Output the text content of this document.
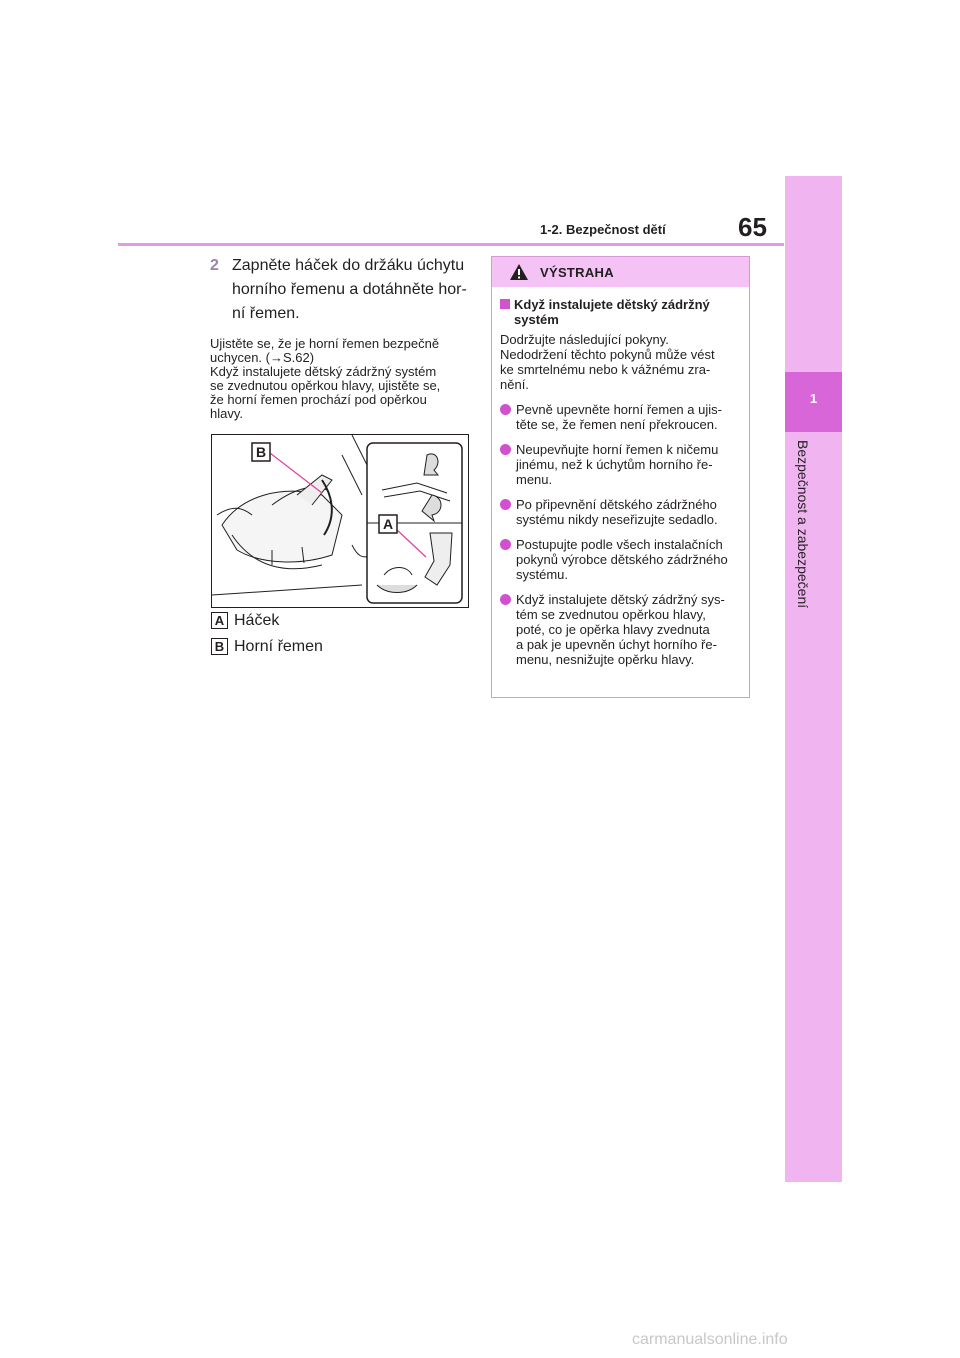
1
Bezpečnost a zabezpečení
1-2. Bezpečnost dětí	65
2 Zapněte háček do držáku úchytu
horního řemenu a dotáhněte hor-
ní řemen.
Ujistěte se, že je horní řemen bezpečně
uchycen. (→S.62)
Když instalujete dětský zádržný systém
se zvednutou opěrkou hlavy, ujistěte se,
že horní řemen prochází pod opěrkou
hlavy.
B
A
A Háček
B Horní řemen
VÝSTRAHA
Když instalujete dětský zádržný
systém
Dodržujte následující pokyny.
Nedodržení těchto pokynů může vést
ke smrtelnému nebo k vážnému zra-
nění.
Pevně upevněte horní řemen a ujis-
těte se, že řemen není překroucen.
Neupevňujte horní řemen k ničemu
jinému, než k úchytům horního ře-
menu.
Po připevnění dětského zádržného
systému nikdy neseřizujte sedadlo.
Postupujte podle všech instalačních
pokynů výrobce dětského zádržného
systému.
Když instalujete dětský zádržný sys-
tém se zvednutou opěrkou hlavy,
poté, co je opěrka hlavy zvednuta
a pak je upevněn úchyt horního ře-
menu, nesnižujte opěrku hlavy.
carmanualsonline.info
